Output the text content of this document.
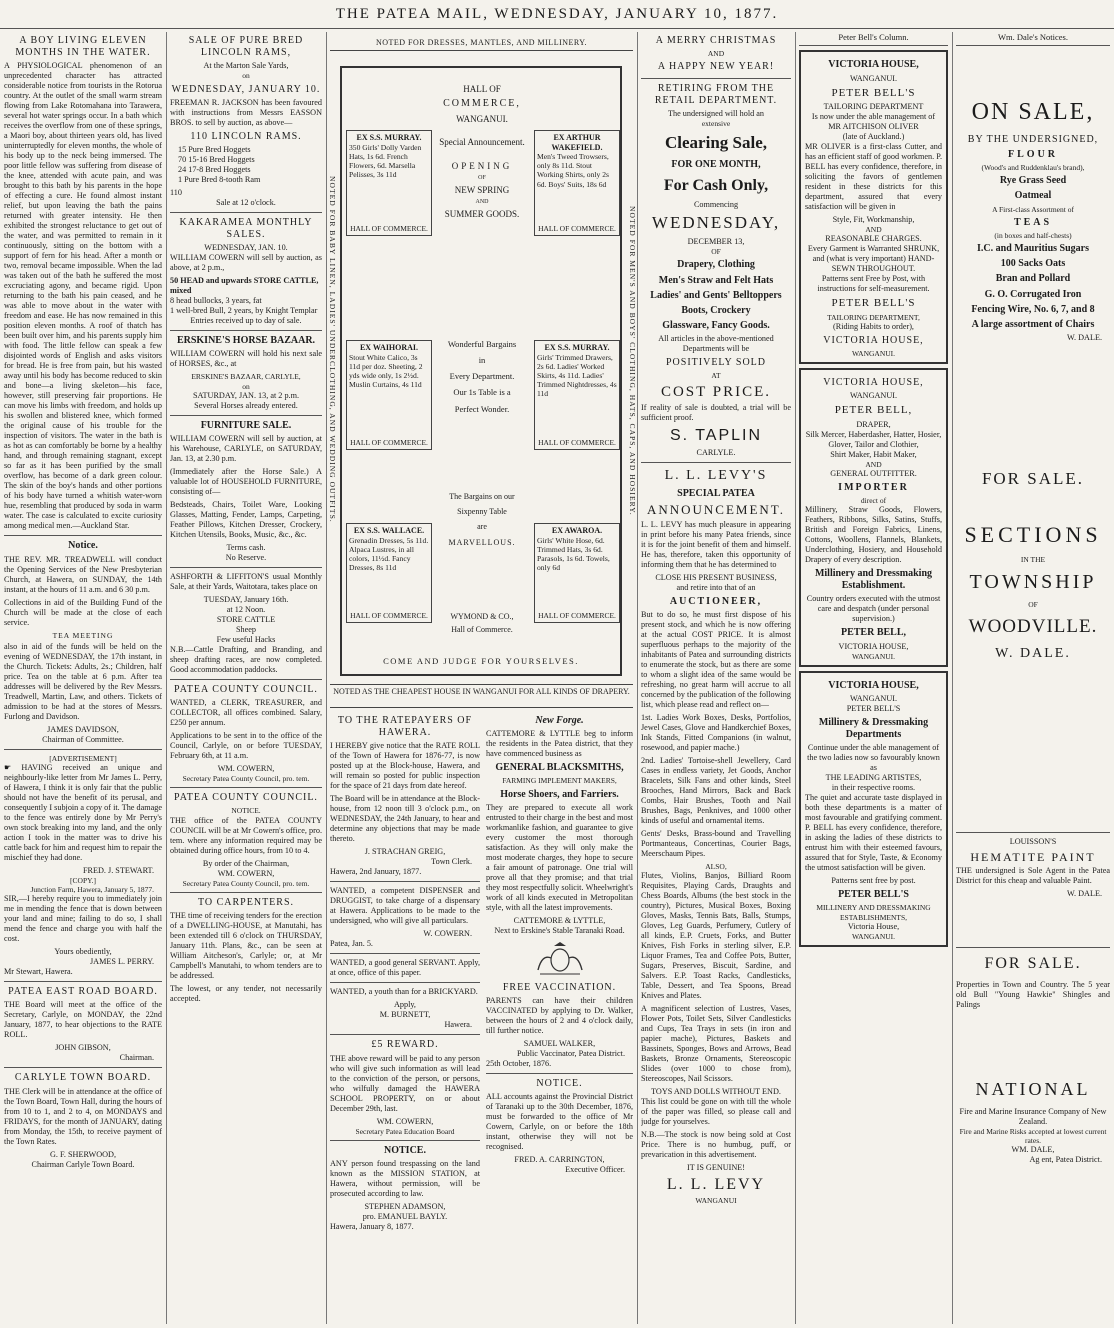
THE PATEA MAIL, WEDNESDAY, JANUARY 10, 1877.
A BOY LIVING ELEVEN MONTHS IN THE WATER.

A PHYSIOLOGICAL phenomenon of an unprecedented character has attracted considerable notice from tourists in the Rotorua country. At the outlet of the small warm stream flowing from Lake Rotomahana into Tarawera, several hot water springs occur. In a bath which receives the overflow from one of these springs, a Maori boy, about thirteen years old, has lived uninterruptedly for eleven months, the whole of his body up to the neck being immersed. The poor little fellow was suffering from disease of the knee, attended with acute pain, and was brought to this bath by his parents in the hope of effecting a cure. He found almost instant relief, but upon leaving the bath the pains returned with greater intensity. He then exhibited the strongest reluctance to get out of the water, and was permitted to remain in it continuously, sitting on the bottom with a support of fern for his head. After a month or two, removal became impossible. When the lad was taken out of the bath he suffered the most excruciating agony, and became rigid. Upon returning to the bath his pain ceased, and he was able to move about in the water with freedom and ease. He has now remained in this position eleven months. A roof of thatch has been built over him, and his parents supply him with food. The little fellow can speak a few disjointed words of English and asks visitors for bread. He is free from pain, but his wasted away until his body has become reduced to skin and bone—a living skeleton—his face, however, still preserving fair proportions. He can move his limbs with freedom, and holds up his swollen and blistered knee, which formed the original cause of his trouble for the inspection of visitors. The water in the bath is as hot as can comfortably be borne by a healthy hand, and through remaining stagnant, except so far as it has been purified by the small overflow, has become of a dark green colour. The skin of the boy's hands and other portions of his body have turned a whitish water-worn hue, resembling that produced by soda in warm water. The case is calculated to excite curiosity among medical men.—Auckland Star.

Notice.

THE REV. MR. TREADWELL will conduct the Opening Services of the New Presbyterian Church, at Hawera, on SUNDAY, the 14th instant, at the hours of 11 a.m. and 6 30 p.m.

Collections in aid of the Building Fund of the Church will be made at the close of each service.

TEA MEETING

also in aid of the funds will be held on the evening of WEDNESDAY, the 17th instant, in the Church. Tickets: Adults, 2s.; Children, half price. Tea on the table at 6 p.m. After tea addresses will be delivered by the Rev Messrs. Treadwell, Martin, Law, and others. Tickets of admission to be had at the stores of Messrs. Furlong and Davidson.

JAMES DAVIDSON,
Chairman of Committee.
[ADVERTISEMENT]

☛ HAVING received an unique and neighbourly-like letter from Mr James L. Perry, of Hawera, I think it is only fair that the public should not have the benefit of its perusal, and consequently I subjoin a copy of it. The damage to the fence was entirely done by Mr Perry's own stock breaking into my land, and the only action I took in the matter was to drive his cattle back for him and request him to repair the mischief they had done.

FRED. J. STEWART.
[COPY.]
Junction Farm, Hawera, January 5, 1877.

SIR,—I hereby require you to immediately join me in mending the fence that is down between your land and mine; failing to do so, I shall mend the fence and charge you with half the cost.

Yours obediently,
JAMES L. PERRY.
Mr Stewart, Hawera.
PATEA EAST ROAD BOARD.

THE Board will meet at the office of the Secretary, Carlyle, on MONDAY, the 22nd January, 1877, to hear objections to the RATE ROLL.

JOHN GIBSON,
Chairman.
CARLYLE TOWN BOARD.

THE Clerk will be in attendance at the office of the Town Board, Town Hall, during the hours of from 10 to 1, and 2 to 4, on MONDAYS and FRIDAYS, for the month of JANUARY, dating from Monday, the 15th, to receive payment of the Town Rates.

G. F. SHERWOOD,
Chairman Carlyle Town Board.
SALE OF PURE BRED LINCOLN RAMS,
At the Marton Sale Yards,
on
WEDNESDAY, JANUARY 10.

FREEMAN R. JACKSON has been favoured with instructions from Messrs EASSON BROS. to sell by auction, as above—

110 LINCOLN RAMS.
15 Pure Bred Hoggets
70 15-16 Bred Hoggets
24 17-8 Bred Hoggets
1 Pure Bred 8-tooth Ram
110
Sale at 12 o'clock.
KAKARAMEA MONTHLY SALES.
WEDNESDAY, JAN. 10.

WILLIAM COWERN will sell by auction, as above, at 2 p.m.,

50 HEAD and upwards STORE CATTLE, mixed
8 head bullocks, 3 years, fat
1 well-bred Bull, 2 years, by Knight Templar
Entries received up to day of sale.
ERSKINE'S HORSE BAZAAR.

WILLIAM COWERN will hold his next sale of HORSES, &c., at

ERSKINE'S BAZAAR, CARLYLE,
on
SATURDAY, JAN. 13, at 2 p.m.
Several Horses already entered.
FURNITURE SALE.

WILLIAM COWERN will sell by auction, at his Warehouse, CARLYLE, on SATURDAY, Jan. 13, at 2.30 p.m.

(Immediately after the Horse Sale.) A valuable lot of HOUSEHOLD FURNITURE, consisting of—

Bedsteads, Chairs, Toilet Ware, Looking Glasses, Matting, Fender, Lamps, Carpeting, Feather Pillows, Kitchen Dresser, Crockery, Kitchen Utensils, Books, Music, &c., &c.

Terms cash.
No Reserve.

ASHFORTH & LIFFITON'S usual Monthly Sale, at their Yards, Waitotara, takes place on

TUESDAY, January 16th.
at 12 Noon.
STORE CATTLE
Sheep
Few useful Hacks

N.B.—Cattle Drafting, and Branding, and sheep drafting races, are now completed. Good accommodation paddocks.

PATEA COUNTY COUNCIL.

WANTED, a CLERK, TREASURER, and COLLECTOR, all offices combined. Salary, £250 per annum.

Applications to be sent in to the office of the Council, Carlyle, on or before TUESDAY, February 6th, at 11 a.m.

WM. COWERN,
Secretary Patea County Council, pro. tem.
PATEA COUNTY COUNCIL.
NOTICE.

THE office of the PATEA COUNTY COUNCIL will be at Mr Cowern's office, pro. tem. where any information required may be obtained during office hours, from 10 to 4.

By order of the Chairman,
WM. COWERN,
Secretary Patea County Council, pro. tem.
TO CARPENTERS.

THE time of receiving tenders for the erection of a DWELLING-HOUSE, at Manutahi, has been extended till 6 o'clock on THURSDAY, January 11th. Plans, &c., can be seen at William Aitcheson's, Carlyle; or, at Mr Campbell's Manutahi, to whom tenders are to be addressed.

The lowest, or any tender, not necessarily accepted.

NOTED FOR DRESSES, MANTLES, AND MILLINERY.
NOTED FOR BABY LINEN, LADIES' UNDERCLOTHING, AND WEDDING OUTFITS.	NOTED FOR MEN'S AND BOYS' CLOTHING, HATS, CAPS, AND HOSIERY.
HALL OF
COMMERCE,
WANGANUI.
Special Announcement.
OPENING
OF
NEW SPRING
AND
SUMMER GOODS.
Wonderful Bargains
in
Every Department.
Our 1s Table is a
Perfect Wonder.
The Bargains on our
Sixpenny Table
are
MARVELLOUS.
WYMOND & CO.,
Hall of Commerce.
COME AND JUDGE FOR YOURSELVES.
EX S.S. MURRAY.
350 Girls' Dolly Varden Hats, 1s 6d. French Flowers, 6d. Marsella Pelisses, 3s 11d
HALL OF COMMERCE.
EX ARTHUR WAKEFIELD.
Men's Tweed Trowsers, only 8s 11d. Stout Working Shirts, only 2s 6d. Boys' Suits, 18s 6d
HALL OF COMMERCE.
EX WAIHORAI.
Stout White Calico, 3s 11d per doz. Sheeting, 2 yds wide only, 1s 2½d. Muslin Curtains, 4s 11d
HALL OF COMMERCE.
EX S.S. MURRAY.
Girls' Trimmed Drawers, 2s 6d. Ladies' Worked Skirts, 4s 11d. Ladies' Trimmed Nightdresses, 4s 11d
HALL OF COMMERCE.
EX S.S. WALLACE.
Grenadin Dresses, 5s 11d. Alpaca Lustres, in all colors, 11½d. Fancy Dresses, 8s 11d
HALL OF COMMERCE.
EX AWAROA.
Girls' White Hose, 6d. Trimmed Hats, 3s 6d. Parasols, 1s 6d. Towels, only 6d
HALL OF COMMERCE.
NOTED AS THE CHEAPEST HOUSE IN WANGANUI FOR ALL KINDS OF DRAPERY.
TO THE RATEPAYERS OF HAWERA.

I HEREBY give notice that the RATE ROLL of the Town of Hawera for 1876-77, is now posted up at the Block-house, Hawera, and will remain so posted for public inspection for the space of 21 days from date hereof.

The Board will be in attendance at the Block-house, from 12 noon till 3 o'clock p.m., on WEDNESDAY, the 24th January, to hear and determine any objections that may be made thereto.

J. STRACHAN GREIG,
Town Clerk.
Hawera, 2nd January, 1877.

WANTED, a competent DISPENSER and DRUGGIST, to take charge of a dispensary at Hawera. Applications to be made to the undersigned, who will give all particulars.

W. COWERN.
Patea, Jan. 5.

WANTED, a good general SERVANT. Apply, at once, office of this paper.

WANTED, a youth than for a BRICKYARD.

Apply,
M. BURNETT,
Hawera.
£5 REWARD.

THE above reward will be paid to any person who will give such information as will lead to the conviction of the person, or persons, who wilfully damaged the HAWERA SCHOOL PROPERTY, on or about December 29th, last.

WM. COWERN,
Secretary Patea Education Board
NOTICE.

ANY person found trespassing on the land known as the MISSION STATION, at Hawera, without permission, will be prosecuted according to law.

STEPHEN ADAMSON,
pro. EMANUEL BAYLY.
Hawera, January 8, 1877.
New Forge.

CATTEMORE & LYTTLE beg to inform the residents in the Patea district, that they have commenced business as

GENERAL BLACKSMITHS,
FARMING IMPLEMENT MAKERS,
Horse Shoers, and Farriers.

They are prepared to execute all work entrusted to their charge in the best and most workmanlike fashion, and guarantee to give every customer the most thorough satisfaction. As they will only make the most moderate charges, they hope to secure a fair amount of patronage. One trial will prove all that they promise; and that trial they most respectfully solicit. Wheelwright's work of all kinds executed in Metropolitan style, with all the latest improvements.

CATTEMORE & LYTTLE,
Next to Erskine's Stable Taranaki Road.
FREE VACCINATION.

PARENTS can have their children VACCINATED by applying to Dr. Walker, between the hours of 2 and 4 o'clock daily, till further notice.

SAMUEL WALKER,
Public Vaccinator, Patea District.
25th October, 1876.
NOTICE.

ALL accounts against the Provincial District of Taranaki up to the 30th December, 1876, must be forwarded to the office of Mr Cowern, Carlyle, on or before the 18th instant, otherwise they will not be recognised.

FRED. A. CARRINGTON,
Executive Officer.
A MERRY CHRISTMAS
AND
A HAPPY NEW YEAR!
RETIRING FROM THE RETAIL DEPARTMENT.
The undersigned will hold an
extensive
Clearing Sale,
FOR ONE MONTH,
For Cash Only,
Commencing
WEDNESDAY,
DECEMBER 13,
OF
Drapery, Clothing
Men's Straw and Felt Hats
Ladies' and Gents' Belltoppers
Boots, Crockery
Glassware, Fancy Goods.

All articles in the above-mentioned Departments will be

POSITIVELY SOLD
AT
COST PRICE.

If reality of sale is doubted, a trial will be sufficient proof.

S. TAPLIN
CARLYLE.
L. L. LEVY'S
SPECIAL PATEA
ANNOUNCEMENT.

L. L. LEVY has much pleasure in appearing in print before his many Patea friends, since it is for the joint benefit of them and himself. He has, therefore, taken this opportunity of informing them that he has determined to

CLOSE HIS PRESENT BUSINESS,
and retire into that of an
AUCTIONEER,

But to do so, he must first dispose of his present stock, and which he is now offering at the actual COST PRICE. It is almost superfluous perhaps to the majority of the inhabitants of Patea and surrounding districts to enumerate the stock, but as there are some to whom a slight idea of the same would be refreshing, no great harm will accrue to all concerned by the publication of the following list, which please read and reflect on—

1st. Ladies Work Boxes, Desks, Portfolios, Jewel Cases, Glove and Handkerchief Boxes, Ink Stands, Fitted Companions (in walnut, rosewood, and papier mache.)

2nd. Ladies' Tortoise-shell Jewellery, Card Cases in endless variety, Jet Goods, Anchor Bracelets, Silk Fans and other kinds, Steel Brooches, Hand Mirrors, Back and Back Combs, Hair Brushes, Tooth and Nail Brushes, Bags, Penknives, and 1000 other kinds of useful and ornamental items.

Gents' Desks, Brass-bound and Travelling Portmanteaus, Concertinas, Courier Bags, Meerschaum Pipes.

ALSO,

Flutes, Violins, Banjos, Billiard Room Requisites, Playing Cards, Draughts and Chess Boards, Albums (the best stock in the country), Pictures, Musical Boxes, Boxing Gloves, Masks, Tennis Bats, Balls, Stumps, Gloves, Leg Guards, Perfumery, Cutlery of all kinds, E.P. Cruets, Forks, and Butter Knives, Fish Forks in sterling silver, E.P. Liquor Frames, Tea and Coffee Pots, Butter, Sugars, Preserves, Biscuit, Sardine, and Salvers. E.P. Toast Racks, Candlesticks, Table, Dessert, and Tea Spoons, Bread Knives and Plates.

A magnificent selection of Lustres, Vases, Flower Pots, Toilet Sets, Silver Candlesticks and Cups, Tea Trays in sets (in iron and papier mache), Pictures, Baskets and Bassinets, Sponges, Bows and Arrows, Bead Baskets, Bronze Ornaments, Stereoscopic Slides (over 1000 to chose from), Stereoscopes, Nail Scissors.

TOYS AND DOLLS WITHOUT END.

This list could be gone on with till the whole of the paper was filled, so please call and judge for yourselves.

N.B.—The stock is now being sold at Cost Price. There is no humbug, puff, or prevarication in this advertisement.

IT IS GENUINE!
L. L. LEVY
WANGANUI
Peter Bell's Column.
VICTORIA HOUSE,
WANGANUI.
PETER BELL'S
TAILORING DEPARTMENT
Is now under the able management of
MR AITCHISON OLIVER
(late of Auckland.)

MR OLIVER is a first-class Cutter, and has an efficient staff of good workmen. P. BELL has every confidence, therefore, in soliciting the favors of gentlemen resident in these districts for this department, assured that every satisfaction will be given in

Style, Fit, Workmanship,
AND
REASONABLE CHARGES.
Every Garment is Warranted SHRUNK,
and (what is very important) HAND-SEWN THROUGHOUT.
Patterns sent Free by Post, with instructions for self-measurement.
PETER BELL'S
TAILORING DEPARTMENT,
(Riding Habits to order),
VICTORIA HOUSE,
WANGANUI.
VICTORIA HOUSE,
WANGANUI.
PETER BELL,
DRAPER,
Silk Mercer, Haberdasher, Hatter, Hosier, Glover, Tailor and Clothier,
Shirt Maker, Habit Maker,
AND
GENERAL OUTFITTER.
IMPORTER
direct of

Millinery, Straw Goods, Flowers, Feathers, Ribbons, Silks, Satins, Stuffs, British and Foreign Fabrics, Linens, Cottons, Woollens, Flannels, Blankets, Underclothing, Hosiery, and Household Drapery of every description.

Millinery and Dressmaking Establishment.
Country orders executed with the utmost care and despatch (under personal supervision.)
PETER BELL,
VICTORIA HOUSE,
WANGANUI.
VICTORIA HOUSE,
WANGANUI.
PETER BELL'S
Millinery & Dressmaking Departments
Continue under the able management of the two ladies now so favourably known as
THE LEADING ARTISTES,
in their respective rooms.

The quiet and accurate taste displayed in both these departments is a matter of most favourable and gratifying comment. P. BELL has every confidence, therefore, in asking the ladies of these districts to entrust him with their esteemed favours, assured that for Style, Taste, & Economy the utmost satisfaction will be given.

Patterns sent free by post.
PETER BELL'S
MILLINERY AND DRESSMAKING ESTABLISHMENTS,
Victoria House,
WANGANUI.
Wm. Dale's Notices.
ON SALE,
BY THE UNDERSIGNED,
FLOUR
(Wood's and Ruddenklau's brand),
Rye Grass Seed
Oatmeal
A First-class Assortment of
TEAS
(in boxes and half-chests)
I.C. and Mauritius Sugars
100 Sacks Oats
Bran and Pollard
G. O. Corrugated Iron
Fencing Wire, No. 6, 7, and 8
A large assortment of Chairs
W. DALE.
FOR SALE.
SECTIONS
IN THE
TOWNSHIP
OF
WOODVILLE.
W. DALE.
LOUISSON'S
HEMATITE PAINT

THE undersigned is Sole Agent in the Patea District for this cheap and valuable Paint.

W. DALE.
FOR SALE.

Properties in Town and Country. The 5 year old Bull "Young Hawkie" Shingles and Palings

NATIONAL
Fire and Marine Insurance Company of New Zealand.
Fire and Marine Risks accepted at lowest current rates.
WM. DALE,
Ag ent, Patea District.
